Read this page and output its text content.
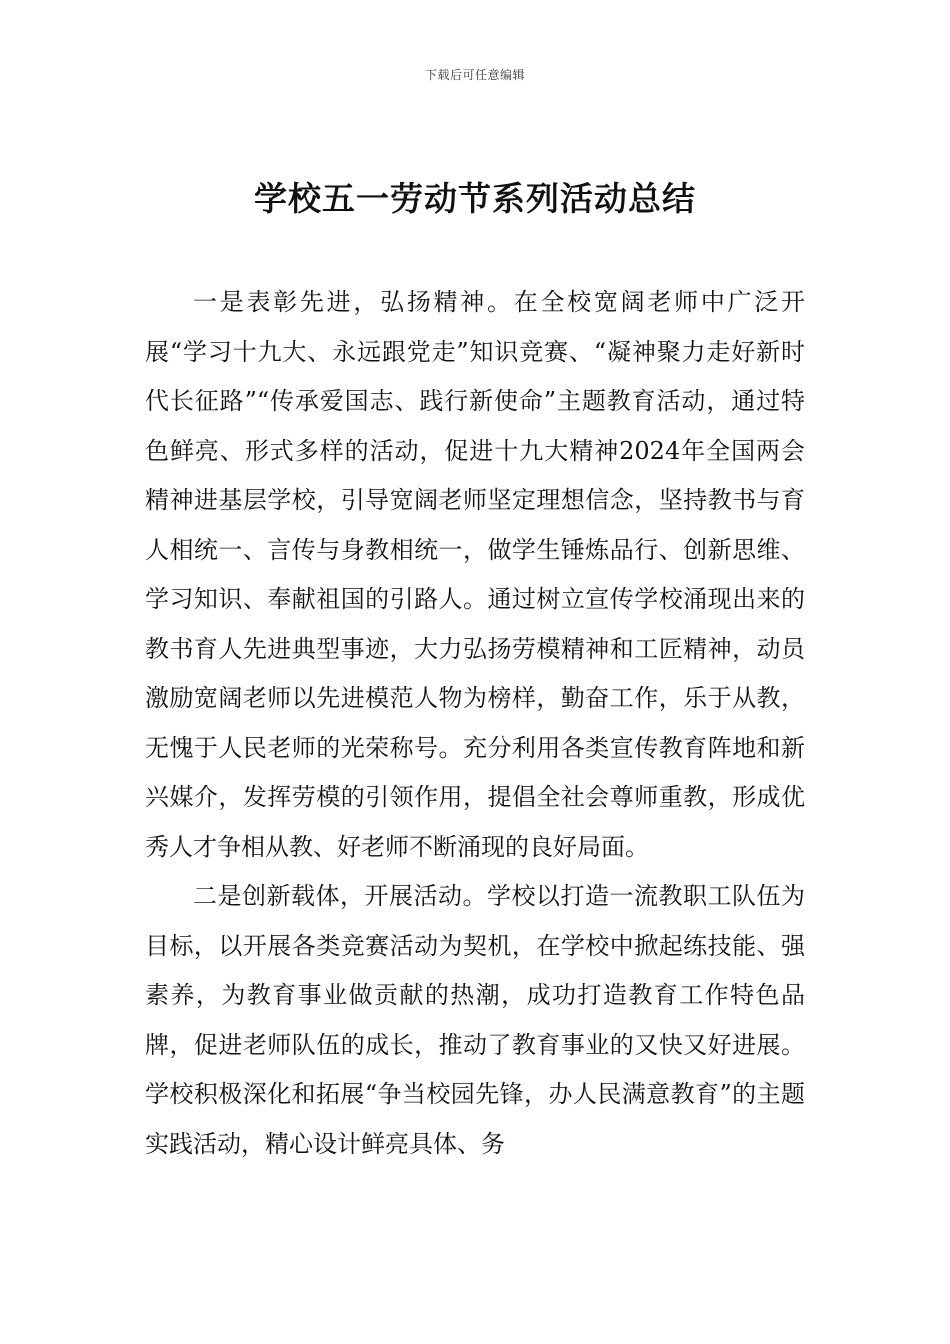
下载后可任意编辑
学校五一劳动节系列活动总结

一是表彰先进，弘扬精神。在全校宽阔老师中广泛开展“学习十九大、永远跟党走”知识竞赛、“凝神聚力走好新时代长征路”“传承爱国志、践行新使命”主题教育活动，通过特色鲜亮、形式多样的活动，促进十九大精神2024年全国两会精神进基层学校，引导宽阔老师坚定理想信念，坚持教书与育人相统一、言传与身教相统一，做学生锤炼品行、创新思维、学习知识、奉献祖国的引路人。通过树立宣传学校涌现出来的教书育人先进典型事迹，大力弘扬劳模精神和工匠精神，动员激励宽阔老师以先进模范人物为榜样，勤奋工作，乐于从教，无愧于人民老师的光荣称号。充分利用各类宣传教育阵地和新兴媒介，发挥劳模的引领作用，提倡全社会尊师重教，形成优秀人才争相从教、好老师不断涌现的良好局面。

二是创新载体，开展活动。学校以打造一流教职工队伍为目标，以开展各类竞赛活动为契机，在学校中掀起练技能、强素养，为教育事业做贡献的热潮，成功打造教育工作特色品牌，促进老师队伍的成长，推动了教育事业的又快又好进展。学校积极深化和拓展“争当校园先锋，办人民满意教育”的主题实践活动，精心设计鲜亮具体、务
